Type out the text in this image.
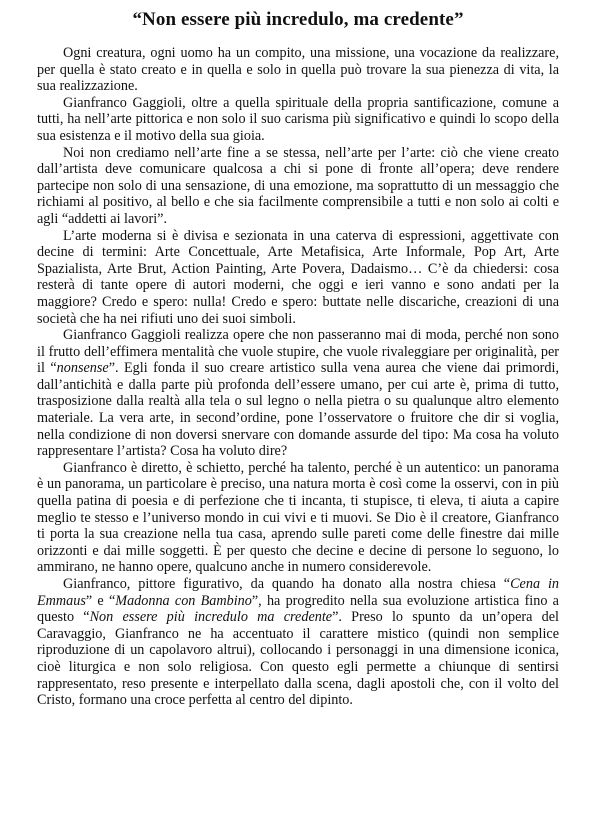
“Non essere più incredulo, ma credente”

Ogni creatura, ogni uomo ha un compito, una missione, una vocazione da realizzare, per quella è stato creato e in quella e solo in quella può trovare la sua pienezza di vita, la sua realizzazione.

Gianfranco Gaggioli, oltre a quella spirituale della propria santificazione, comune a tutti, ha nell’arte pittorica e non solo il suo carisma più significativo e quindi lo scopo della sua esistenza e il motivo della sua gioia.

Noi non crediamo nell’arte fine a se stessa, nell’arte per l’arte: ciò che viene creato dall’artista deve comunicare qualcosa a chi si pone di fronte all’opera; deve rendere partecipe non solo di una sensazione, di una emozione, ma soprattutto di un messaggio che richiami al positivo, al bello e che sia facilmente comprensibile a tutti e non solo ai colti e agli “addetti ai lavori”.

L’arte moderna si è divisa e sezionata in una caterva di espressioni, aggettivate con decine di termini: Arte Concettuale, Arte Metafisica, Arte Informale, Pop Art, Arte Spazialista, Arte Brut, Action Painting, Arte Povera, Dadaismo… C’è da chiedersi: cosa resterà di tante opere di autori moderni, che oggi e ieri vanno e sono andati per la maggiore? Credo e spero: nulla! Credo e spero: buttate nelle discariche, creazioni di una società che ha nei rifiuti uno dei suoi simboli.

Gianfranco Gaggioli realizza opere che non passeranno mai di moda, perché non sono il frutto dell’effimera mentalità che vuole stupire, che vuole rivaleggiare per originalità, per il “nonsense”. Egli fonda il suo creare artistico sulla vena aurea che viene dai primordi, dall’antichità e dalla parte più profonda dell’essere umano, per cui arte è, prima di tutto, trasposizione dalla realtà alla tela o sul legno o nella pietra o su qualunque altro elemento materiale. La vera arte, in second’ordine, pone l’osservatore o fruitore che dir si voglia, nella condizione di non doversi snervare con domande assurde del tipo: Ma cosa ha voluto rappresentare l’artista? Cosa ha voluto dire?

Gianfranco è diretto, è schietto, perché ha talento, perché è un autentico: un panorama è un panorama, un particolare è preciso, una natura morta è così come la osservi, con in più quella patina di poesia e di perfezione che ti incanta, ti stupisce, ti eleva, ti aiuta a capire meglio te stesso e l’universo mondo in cui vivi e ti muovi. Se Dio è il creatore, Gianfranco ti porta la sua creazione nella tua casa, aprendo sulle pareti come delle finestre dai mille orizzonti e dai mille soggetti. È per questo che decine e decine di persone lo seguono, lo ammirano, ne hanno opere, qualcuno anche in numero considerevole.

Gianfranco, pittore figurativo, da quando ha donato alla nostra chiesa “Cena in Emmaus” e “Madonna con Bambino”, ha progredito nella sua evoluzione artistica fino a questo “Non essere più incredulo ma credente”. Preso lo spunto da un’opera del Caravaggio, Gianfranco ne ha accentuato il carattere mistico (quindi non semplice riproduzione di un capolavoro altrui), collocando i personaggi in una dimensione iconica, cioè liturgica e non solo religiosa. Con questo egli permette a chiunque di sentirsi rappresentato, reso presente e interpellato dalla scena, dagli apostoli che, con il volto del Cristo, formano una croce perfetta al centro del dipinto.
